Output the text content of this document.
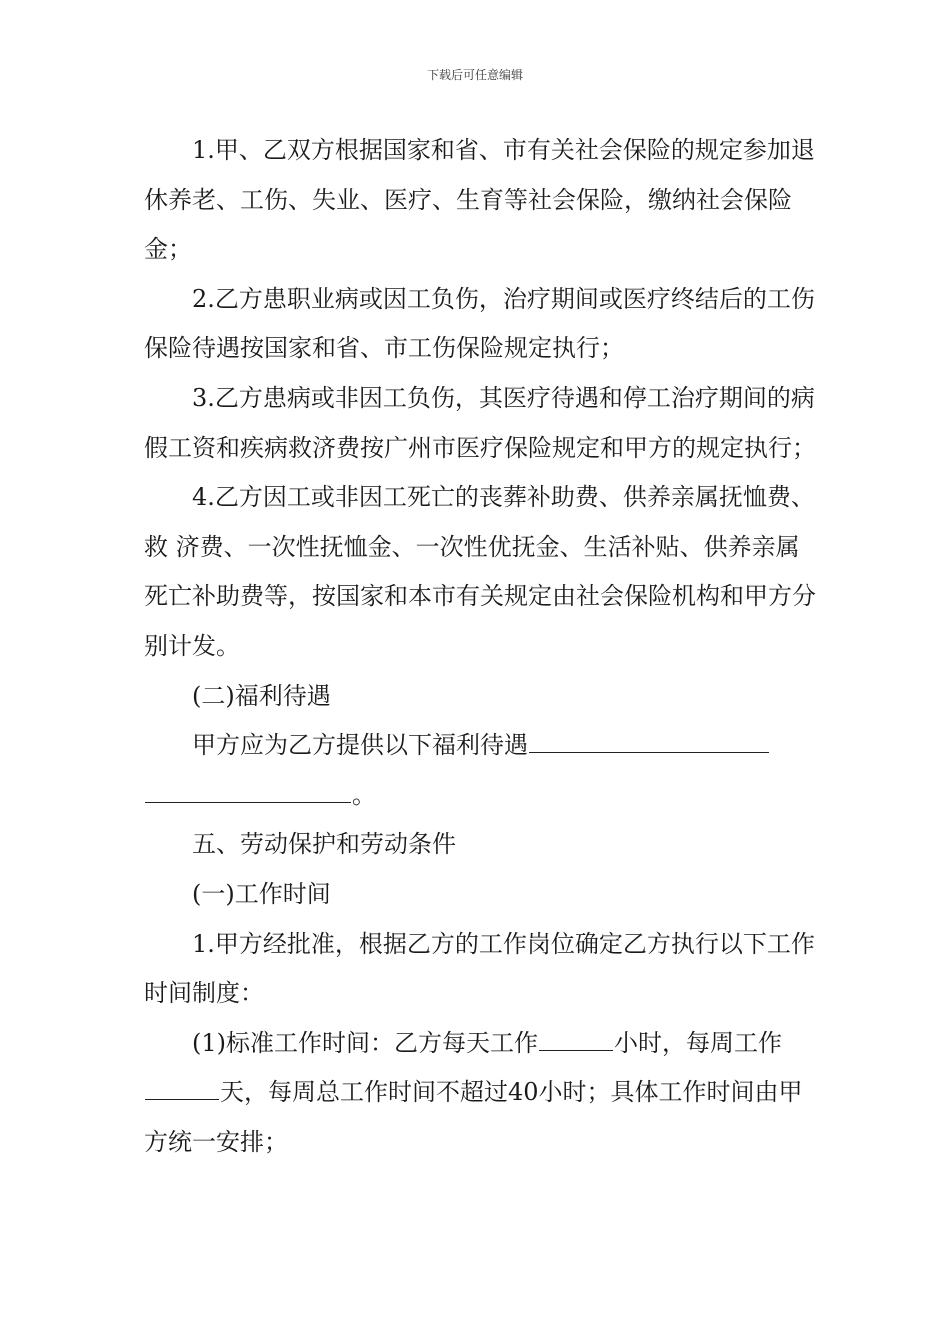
下载后可任意编辑

1.甲、乙双方根据国家和省、市有关社会保险的规定参加退休养老、工伤、失业、医疗、生育等社会保险，缴纳社会保险金；

2.乙方患职业病或因工负伤，治疗期间或医疗终结后的工伤保险待遇按国家和省、市工伤保险规定执行；

3.乙方患病或非因工负伤，其医疗待遇和停工治疗期间的病假工资和疾病救济费按广州市医疗保险规定和甲方的规定执行；

4.乙方因工或非因工死亡的丧葬补助费、供养亲属抚恤费、救 济费、一次性抚恤金、一次性优抚金、生活补贴、供养亲属死亡补助费等，按国家和本市有关规定由社会保险机构和甲方分别计发。

(二)福利待遇

甲方应为乙方提供以下福利待遇

。

五、劳动保护和劳动条件

(一)工作时间

1.甲方经批准，根据乙方的工作岗位确定乙方执行以下工作时间制度：

(1)标准工作时间：乙方每天工作	小时，每周工作天，每周总工作时间不超过40小时；具体工作时间由甲方统一安排；
